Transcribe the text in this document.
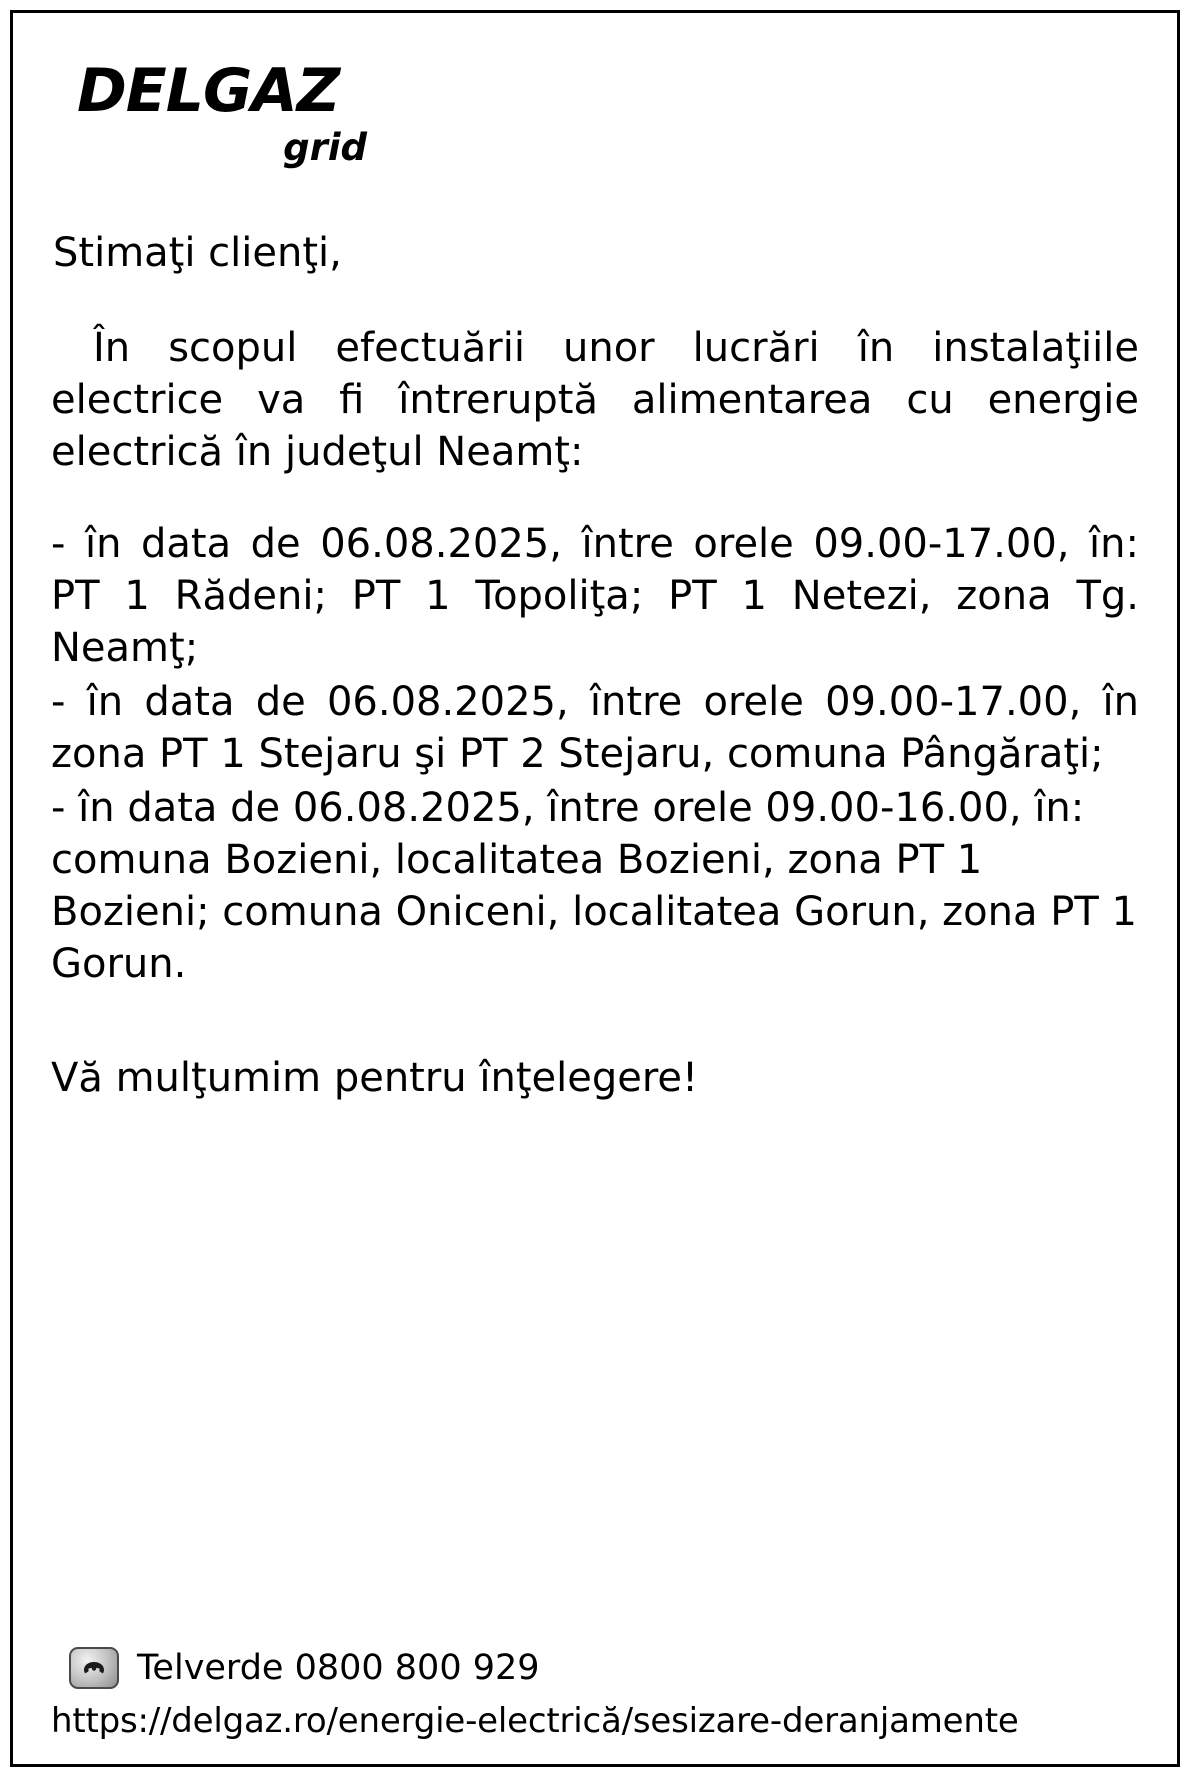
DELGAZ
grid
Stimaţi clienţi,
În scopul efectuării unor lucrări în instalaţiile electrice va fi întreruptă alimentarea cu energie electrică în judeţul Neamţ:
- în data de 06.08.2025, între orele 09.00-17.00, în: PT 1 Rădeni; PT 1 Topoliţa; PT 1 Netezi, zona Tg. Neamţ;
- în data de 06.08.2025, între orele 09.00-17.00, în zona PT 1 Stejaru şi PT 2 Stejaru, comuna Pângăraţi;
- în data de 06.08.2025, între orele 09.00-16.00, în: comuna Bozieni, localitatea Bozieni, zona PT 1 Bozieni; comuna Oniceni, localitatea Gorun, zona PT 1 Gorun.
Vă mulţumim pentru înţelegere!
Telverde 0800 800 929
https://delgaz.ro/energie-electrică/sesizare-deranjamente
